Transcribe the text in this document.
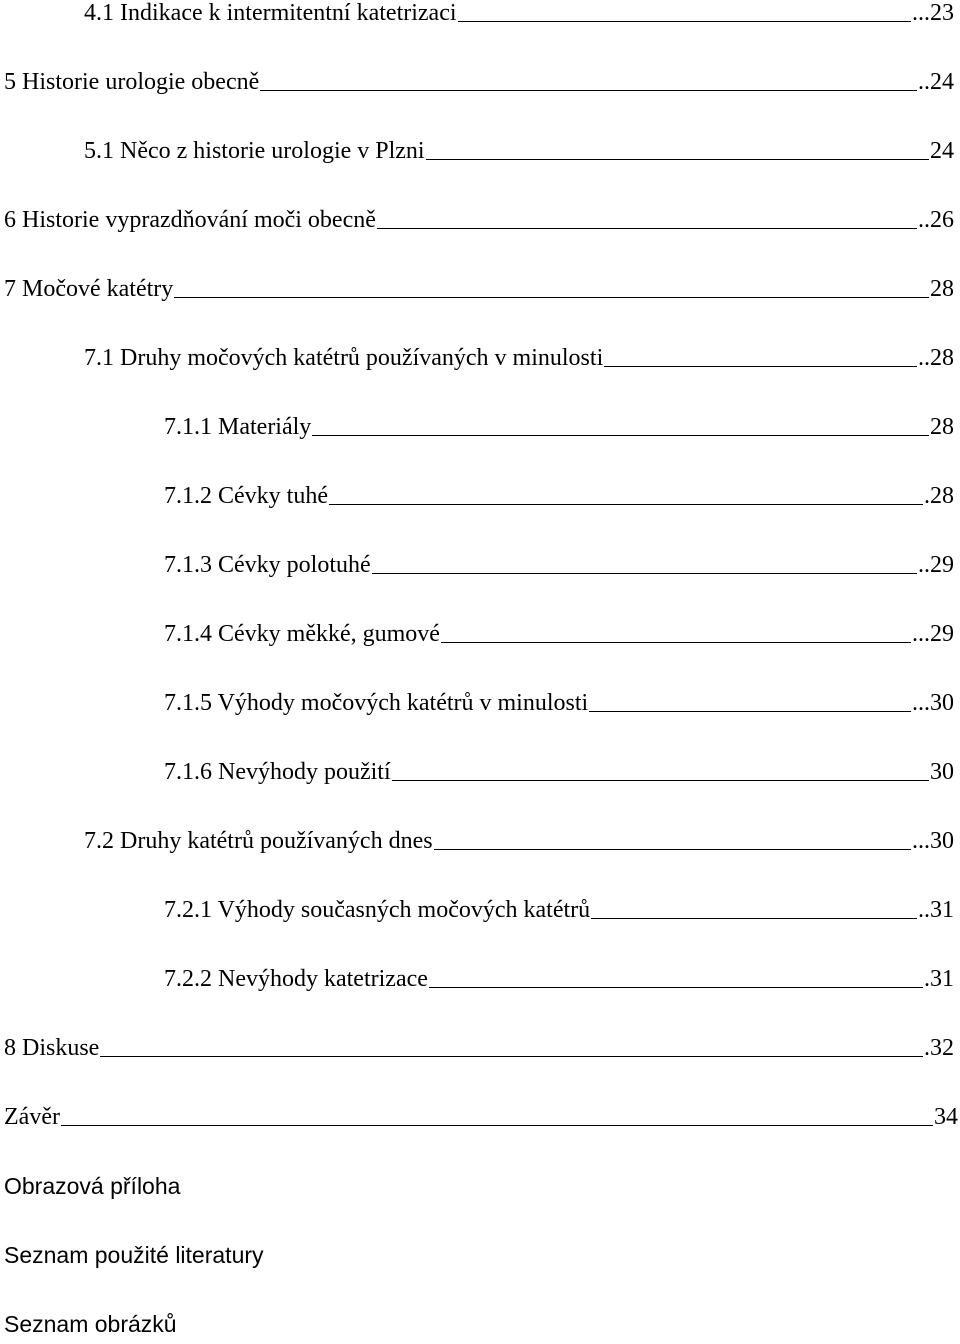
4.1 Indikace k intermitentní katetrizaci	...23
5 Historie urologie obecně	..24
5.1 Něco z historie urologie v Plzni	24
6 Historie vyprazdňování moči obecně	..26
7 Močové katétry	28
7.1 Druhy močových katétrů používaných v minulosti	..28
7.1.1 Materiály	28
7.1.2 Cévky tuhé	.28
7.1.3 Cévky polotuhé	..29
7.1.4 Cévky měkké, gumové	...29
7.1.5 Výhody močových katétrů v minulosti	...30
7.1.6 Nevýhody použití	30
7.2 Druhy katétrů používaných dnes	...30
7.2.1 Výhody současných močových katétrů	..31
7.2.2 Nevýhody katetrizace	.31
8 Diskuse	.32
Závěr	34
Obrazová příloha
Seznam použité literatury
Seznam obrázků
